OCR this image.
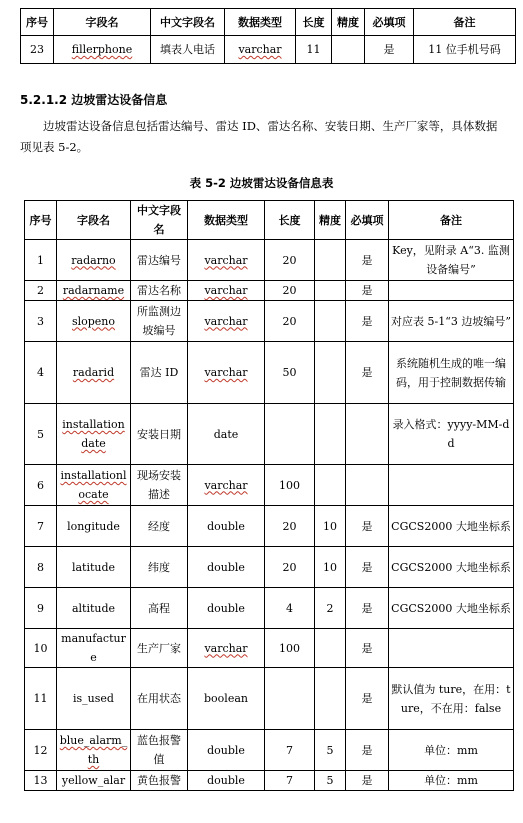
序号	字段名	中文字段名	数据类型	长度	精度	必填项	备注
23	fillerphone	填表人电话	varchar	11		是	11 位手机号码
5.2.1.2 边坡雷达设备信息

边坡雷达设备信息包括雷达编号、雷达 ID、雷达名称、安装日期、生产厂家等，具体数据项见表 5-2。

表 5-2 边坡雷达设备信息表

序号	字段名	中文字段名	数据类型	长度	精度	必填项	备注
1	radarno	雷达编号	varchar	20		是	Key，见附录 A“3. 监测设备编号”
2	radarname	雷达名称	varchar	20		是	
3	slopeno	所监测边坡编号	varchar	20		是	对应表 5-1“3 边坡编号”
4	radarid	雷达 ID	varchar	50		是	系统随机生成的唯一编码，用于控制数据传输
5	installationdate	安装日期	date				录入格式：yyyy-MM-dd
6	installationlocate	现场安装描述	varchar	100			
7	longitude	经度	double	20	10	是	CGCS2000 大地坐标系
8	latitude	纬度	double	20	10	是	CGCS2000 大地坐标系
9	altitude	高程	double	4	2	是	CGCS2000 大地坐标系
10	manufacture	生产厂家	varchar	100		是	
11	is_used	在用状态	boolean			是	默认值为 ture，在用：ture，不在用：false
12	blue_alarm_th	蓝色报警值	double	7	5	是	单位：mm
13	yellow_alar	黄色报警	double	7	5	是	单位：mm
